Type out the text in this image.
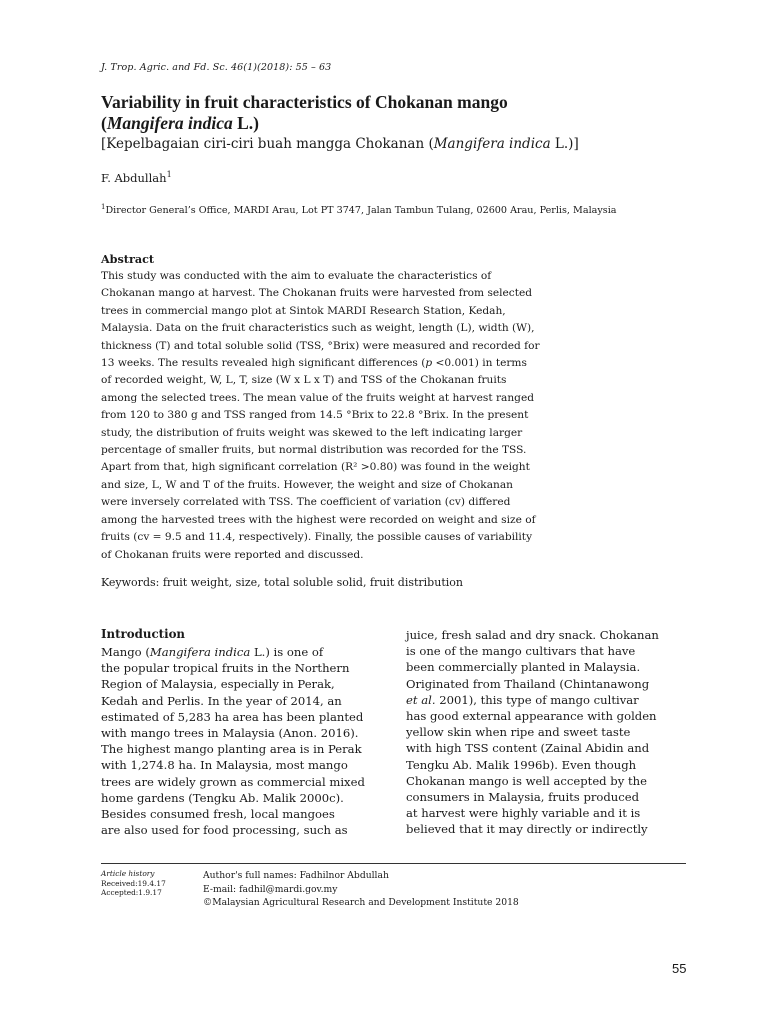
J. Trop. Agric. and Fd. Sc. 46(1)(2018): 55 – 63
Variability in fruit characteristics of Chokanan mango
(Mangifera indica L.)
[Kepelbagaian ciri-ciri buah mangga Chokanan (Mangifera indica L.)]
F. Abdullah$^1$
$^1$Director General’s Office, MARDI Arau, Lot PT 3747, Jalan Tambun Tulang, 02600 Arau, Perlis, Malaysia
Abstract
This study was conducted with the aim to evaluate the characteristics of
Chokanan mango at harvest. The Chokanan fruits were harvested from selected
trees in commercial mango plot at Sintok MARDI Research Station, Kedah,
Malaysia. Data on the fruit characteristics such as weight, length (L), width (W),
thickness (T) and total soluble solid (TSS, °Brix) were measured and recorded for
13 weeks. The results revealed high significant differences (p <0.001) in terms
of recorded weight, W, L, T, size (W x L x T) and TSS of the Chokanan fruits
among the selected trees. The mean value of the fruits weight at harvest ranged
from 120 to 380 g and TSS ranged from 14.5 °Brix to 22.8 °Brix. In the present
study, the distribution of fruits weight was skewed to the left indicating larger
percentage of smaller fruits, but normal distribution was recorded for the TSS.
Apart from that, high significant correlation (R² >0.80) was found in the weight
and size, L, W and T of the fruits. However, the weight and size of Chokanan
were inversely correlated with TSS. The coefficient of variation (cv) differed
among the harvested trees with the highest were recorded on weight and size of
fruits (cv = 9.5 and 11.4, respectively). Finally, the possible causes of variability
of Chokanan fruits were reported and discussed.
Keywords: fruit weight, size, total soluble solid, fruit distribution
Introduction
Mango (Mangifera indica L.) is one of
the popular tropical fruits in the Northern
Region of Malaysia, especially in Perak,
Kedah and Perlis. In the year of 2014, an
estimated of 5,283 ha area has been planted
with mango trees in Malaysia (Anon. 2016).
The highest mango planting area is in Perak
with 1,274.8 ha. In Malaysia, most mango
trees are widely grown as commercial mixed
home gardens (Tengku Ab. Malik 2000c).
Besides consumed fresh, local mangoes
are also used for food processing, such as
juice, fresh salad and dry snack. Chokanan
is one of the mango cultivars that have
been commercially planted in Malaysia.
Originated from Thailand (Chintanawong
et al. 2001), this type of mango cultivar
has good external appearance with golden
yellow skin when ripe and sweet taste
with high TSS content (Zainal Abidin and
Tengku Ab. Malik 1996b). Even though
Chokanan mango is well accepted by the
consumers in Malaysia, fruits produced
at harvest were highly variable and it is
believed that it may directly or indirectly
Article history
Received:19.4.17
Accepted:1.9.17
Author's full names: Fadhilnor Abdullah
E-mail: fadhil@mardi.gov.my
©Malaysian Agricultural Research and Development Institute 2018
55
